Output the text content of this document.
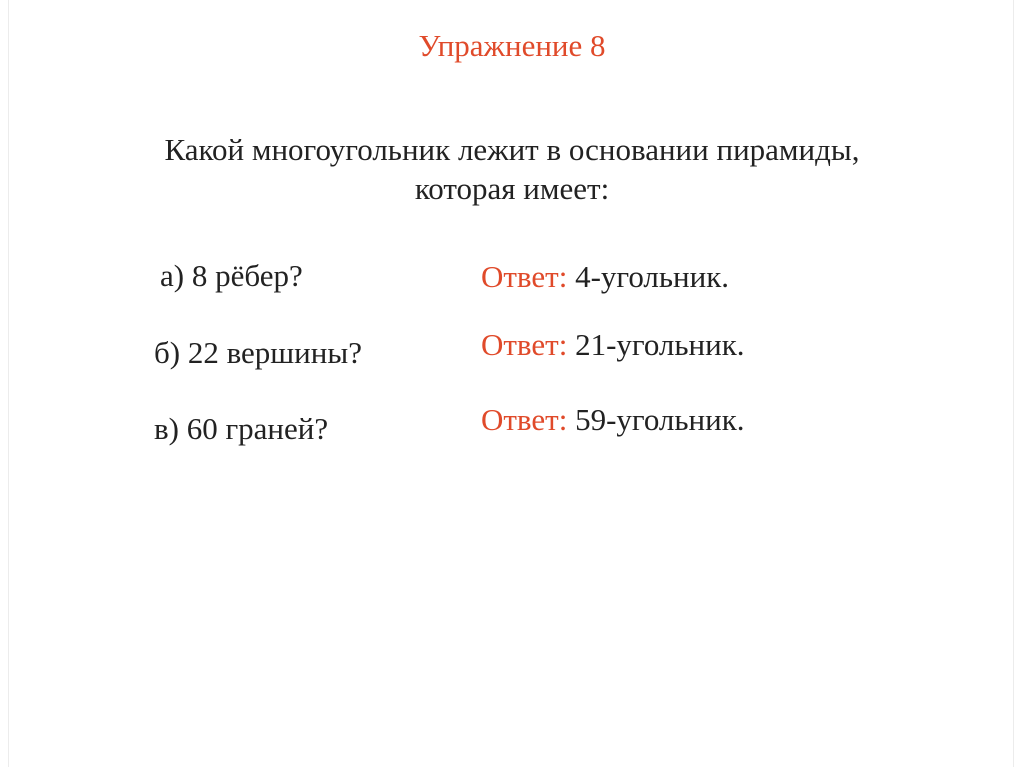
Упражнение 8
Какой многоугольник лежит в основании пирамиды,
которая имеет:
а) 8 рёбер?
б) 22 вершины?
в) 60 граней?
Ответ: 4-угольник.
Ответ: 21-угольник.
Ответ: 59-угольник.
